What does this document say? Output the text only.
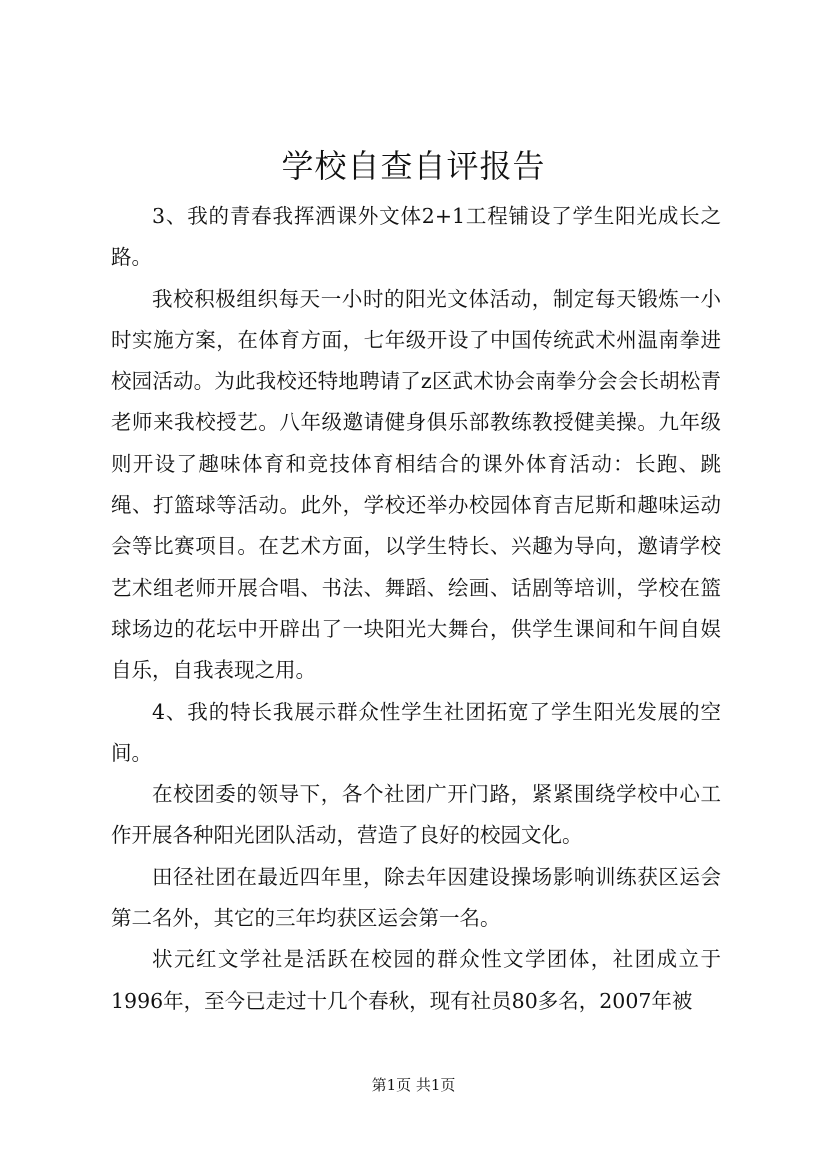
学校自查自评报告

3、我的青春我挥洒课外文体2+1工程铺设了学生阳光成长之路。

我校积极组织每天一小时的阳光文体活动，制定每天锻炼一小时实施方案，在体育方面，七年级开设了中国传统武术州温南拳进校园活动。为此我校还特地聘请了z区武术协会南拳分会会长胡松青老师来我校授艺。八年级邀请健身俱乐部教练教授健美操。九年级则开设了趣味体育和竞技体育相结合的课外体育活动：长跑、跳绳、打篮球等活动。此外，学校还举办校园体育吉尼斯和趣味运动会等比赛项目。在艺术方面，以学生特长、兴趣为导向，邀请学校艺术组老师开展合唱、书法、舞蹈、绘画、话剧等培训，学校在篮球场边的花坛中开辟出了一块阳光大舞台，供学生课间和午间自娱自乐，自我表现之用。

4、我的特长我展示群众性学生社团拓宽了学生阳光发展的空间。

在校团委的领导下，各个社团广开门路，紧紧围绕学校中心工作开展各种阳光团队活动，营造了良好的校园文化。

田径社团在最近四年里，除去年因建设操场影响训练获区运会第二名外，其它的三年均获区运会第一名。

状元红文学社是活跃在校园的群众性文学团体，社团成立于1996年，至今已走过十几个春秋，现有社员80多名，2007年被

第1页 共1页
